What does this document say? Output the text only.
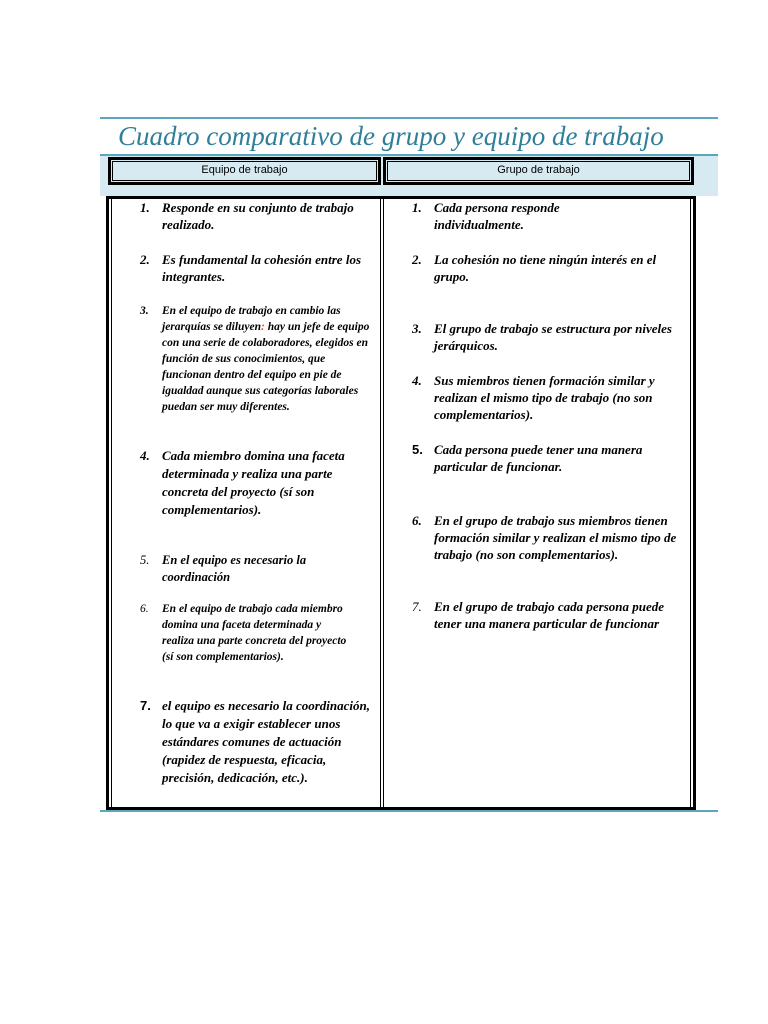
Cuadro comparativo de grupo y equipo de trabajo
Equipo de trabajo	Grupo de trabajo
1. Responde en su conjunto de trabajo realizado.
2. Es fundamental la cohesión entre los integrantes.
3. En el equipo de trabajo en cambio las jerarquías se diluyen: hay un jefe de equipo con una serie de colaboradores, elegidos en función de sus conocimientos, que funcionan dentro del equipo en pie de igualdad aunque sus categorías laborales puedan ser muy diferentes.
4. Cada miembro domina una faceta determinada y realiza una parte concreta del proyecto (sí son complementarios).
5. En el equipo es necesario la coordinación
6. En el equipo de trabajo cada miembro domina una faceta determinada y realiza una parte concreta del proyecto (sí son complementarios).
7. el equipo es necesario la coordinación, lo que va a exigir establecer unos estándares comunes de actuación (rapidez de respuesta, eficacia, precisión, dedicación, etc.).
1. Cada persona responde individualmente.
2. La cohesión no tiene ningún interés en el grupo.
3. El grupo de trabajo se estructura por niveles jerárquicos.
4. Sus miembros tienen formación similar y realizan el mismo tipo de trabajo (no son complementarios).
5. Cada persona puede tener una manera particular de funcionar.
6. En el grupo de trabajo sus miembros tienen formación similar y realizan el mismo tipo de trabajo (no son complementarios).
7. En el grupo de trabajo cada persona puede tener una manera particular de funcionar
